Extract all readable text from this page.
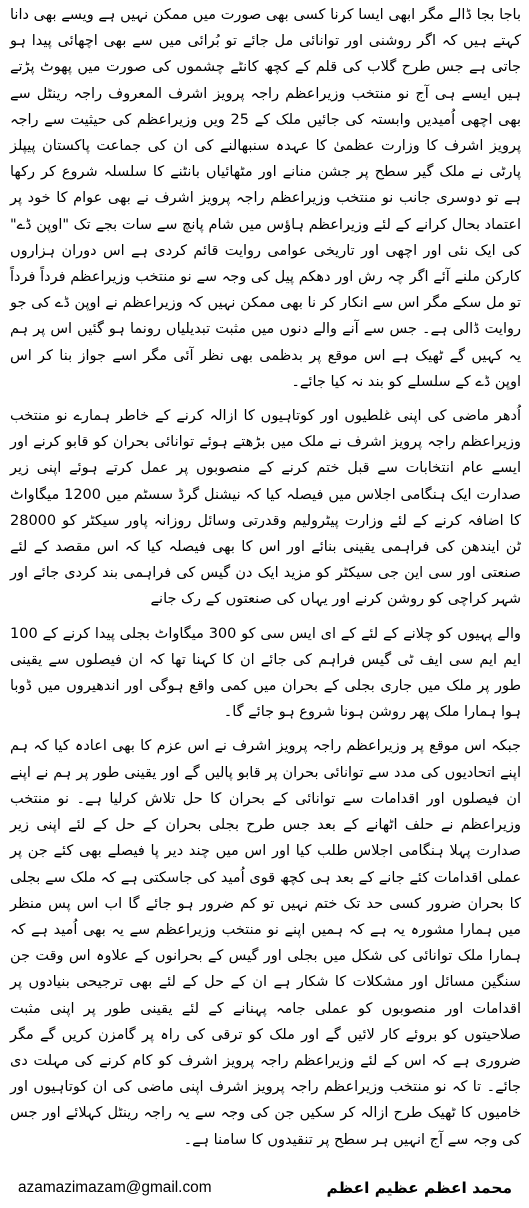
باجا بجا ڈالے مگر ابھی ایسا کرنا کسی بھی صورت میں ممکن نہیں ہے ویسے بھی دانا کہتے ہیں کہ اگر روشنی اور توانائی مل جائے تو بُرائی میں سے بھی اچھائی پیدا ہو جاتی ہے جس طرح گلاب کی قلم کے کچھ کانٹے چشموں کی صورت میں پھوٹ پڑتے ہیں ایسے ہی آج نو منتخب وزیراعظم راجہ پرویز اشرف المعروف راجہ رینٹل سے بھی اچھی اُمیدیں وابستہ کی جائیں ملک کے 25 ویں وزیراعظم کی حیثیت سے راجہ پرویز اشرف کا وزارت عظمیٰ کا عہدہ سنبھالنے کی ان کی جماعت پاکستان پیپلز پارٹی نے ملک گیر سطح پر جشن منانے اور مٹھائیاں بانٹنے کا سلسلہ شروع کر رکھا ہے تو دوسری جانب نو منتخب وزیراعظم راجہ پرویز اشرف نے بھی عوام کا خود پر اعتماد بحال کرانے کے لئے وزیراعظم ہاؤس میں شام پانچ سے سات بجے تک "اوپن ڈے" کی ایک نئی اور اچھی اور تاریخی عوامی روایت قائم کردی ہے اس دوران ہزاروں کارکن ملنے آئے اگر چہ رش اور دھکم پیل کی وجہ سے نو منتخب وزیراعظم فرداً فرداً تو مل سکے مگر اس سے انکار کر نا بھی ممکن نہیں کہ وزیراعظم نے اوپن ڈے کی جو روایت ڈالی ہے۔ جس سے آنے والے دنوں میں مثبت تبدیلیاں رونما ہو گئیں اس پر ہم یہ کہیں گے ٹھیک ہے اس موقع پر بدظمی بھی نظر آئی مگر اسے جواز بنا کر اس اوپن ڈے کے سلسلے کو بند نہ کیا جائے۔

اُدھر ماضی کی اپنی غلطیوں اور کوتاہیوں کا ازالہ کرنے کے خاطر ہمارے نو منتخب وزیراعظم راجہ پرویز اشرف نے ملک میں بڑھتے ہوئے توانائی بحران کو قابو کرنے اور ایسے عام انتخابات سے قبل ختم کرنے کے منصوبوں پر عمل کرتے ہوئے اپنی زیر صدارت ایک ہنگامی اجلاس میں فیصلہ کیا کہ نیشنل گرڈ سسٹم میں 1200 میگاواٹ کا اضافہ کرنے کے لئے وزارت پیٹرولیم وقدرتی وسائل روزانہ پاور سیکٹر کو 28000 ٹن ایندھن کی فراہمی یقینی بنائے اور اس کا بھی فیصلہ کیا کہ اس مقصد کے لئے صنعتی اور سی این جی سیکٹر کو مزید ایک دن گیس کی فراہمی بند کردی جائے اور شہر کراچی کو روشن کرنے اور یہاں کی صنعتوں کے رک جانے

والے پہیوں کو چلانے کے لئے کے ای ایس سی کو 300 میگاواٹ بجلی پیدا کرنے کے 100 ایم ایم سی ایف ٹی گیس فراہم کی جائے ان کا کہنا تھا کہ ان فیصلوں سے یقینی طور پر ملک میں جاری بجلی کے بحران میں کمی واقع ہوگی اور اندھیروں میں ڈوبا ہوا ہمارا ملک پھر روشن ہونا شروع ہو جائے گا۔

جبکہ اس موقع پر وزیراعظم راجہ پرویز اشرف نے اس عزم کا بھی اعادہ کیا کہ ہم اپنے اتحادیوں کی مدد سے توانائی بحران پر قابو پالیں گے اور یقینی طور پر ہم نے اپنے ان فیصلوں اور اقدامات سے توانائی کے بحران کا حل تلاش کرلیا ہے۔ نو منتخب وزیراعظم نے حلف اٹھانے کے بعد جس طرح بجلی بحران کے حل کے لئے اپنی زیر صدارت پہلا ہنگامی اجلاس طلب کیا اور اس میں چند دیر پا فیصلے بھی کئے جن پر عملی اقدامات کئے جانے کے بعد ہی کچھ قوی اُمید کی جاسکتی ہے کہ ملک سے بجلی کا بحران ضرور کسی حد تک ختم نہیں تو کم ضرور ہو جائے گا اب اس پس منظر میں ہمارا مشورہ یہ ہے کہ ہمیں اپنے نو منتخب وزیراعظم سے یہ بھی اُمید ہے کہ ہمارا ملک توانائی کی شکل میں بجلی اور گیس کے بحرانوں کے علاوہ اس وقت جن سنگین مسائل اور مشکلات کا شکار ہے ان کے حل کے لئے بھی ترجیحی بنیادوں پر اقدامات اور منصوبوں کو عملی جامہ پہنانے کے لئے یقینی طور پر اپنی مثبت صلاحیتوں کو بروئے کار لائیں گے اور ملک کو ترقی کی راہ پر گامزن کریں گے مگر ضروری ہے کہ اس کے لئے وزیراعظم راجہ پرویز اشرف کو کام کرنے کی مہلت دی جائے۔ تا کہ نو منتخب وزیراعظم راجہ پرویز اشرف اپنی ماضی کی ان کوتاہیوں اور خامیوں کا ٹھیک طرح ازالہ کر سکیں جن کی وجہ سے یہ راجہ رینٹل کہلائے اور جس کی وجہ سے آج انہیں ہر سطح پر تنقیدوں کا سامنا ہے۔

azamazimazam@gmail.com	محمد اعظم عظیم اعظم
